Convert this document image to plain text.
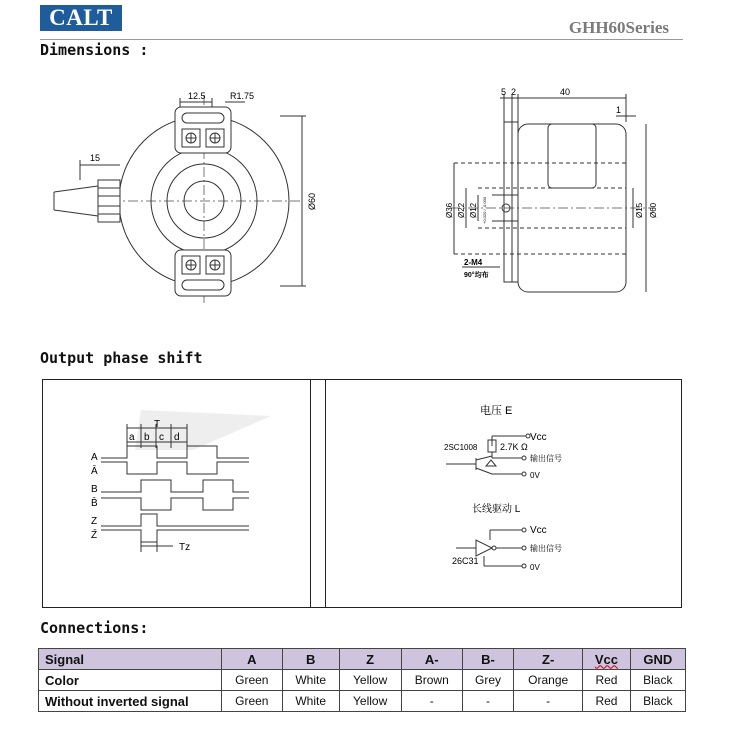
CALT	GHH60Series
Dimensions :
12.5	R1.75
15
Ø60
5 2	40
1
Ø36 Ø22 Ø12 +0.020 / -0.000	Ø15 Ø60
2-M4
90°均布
Output phase shift
T
a b c d
A
Ā
B
B̄
Z
Z̄
Tz
电压 E
2SC1008	2.7K Ω
Vcc
输出信号
0V
长线驱动 L
Vcc
输出信号
0V
26C31
Connections:
Signal	A	B	Z	A-	B-	Z-	Vcc	GND
Color	Green	White	Yellow	Brown	Grey	Orange	Red	Black
Without inverted signal	Green	White	Yellow	-	-	-	Red	Black
